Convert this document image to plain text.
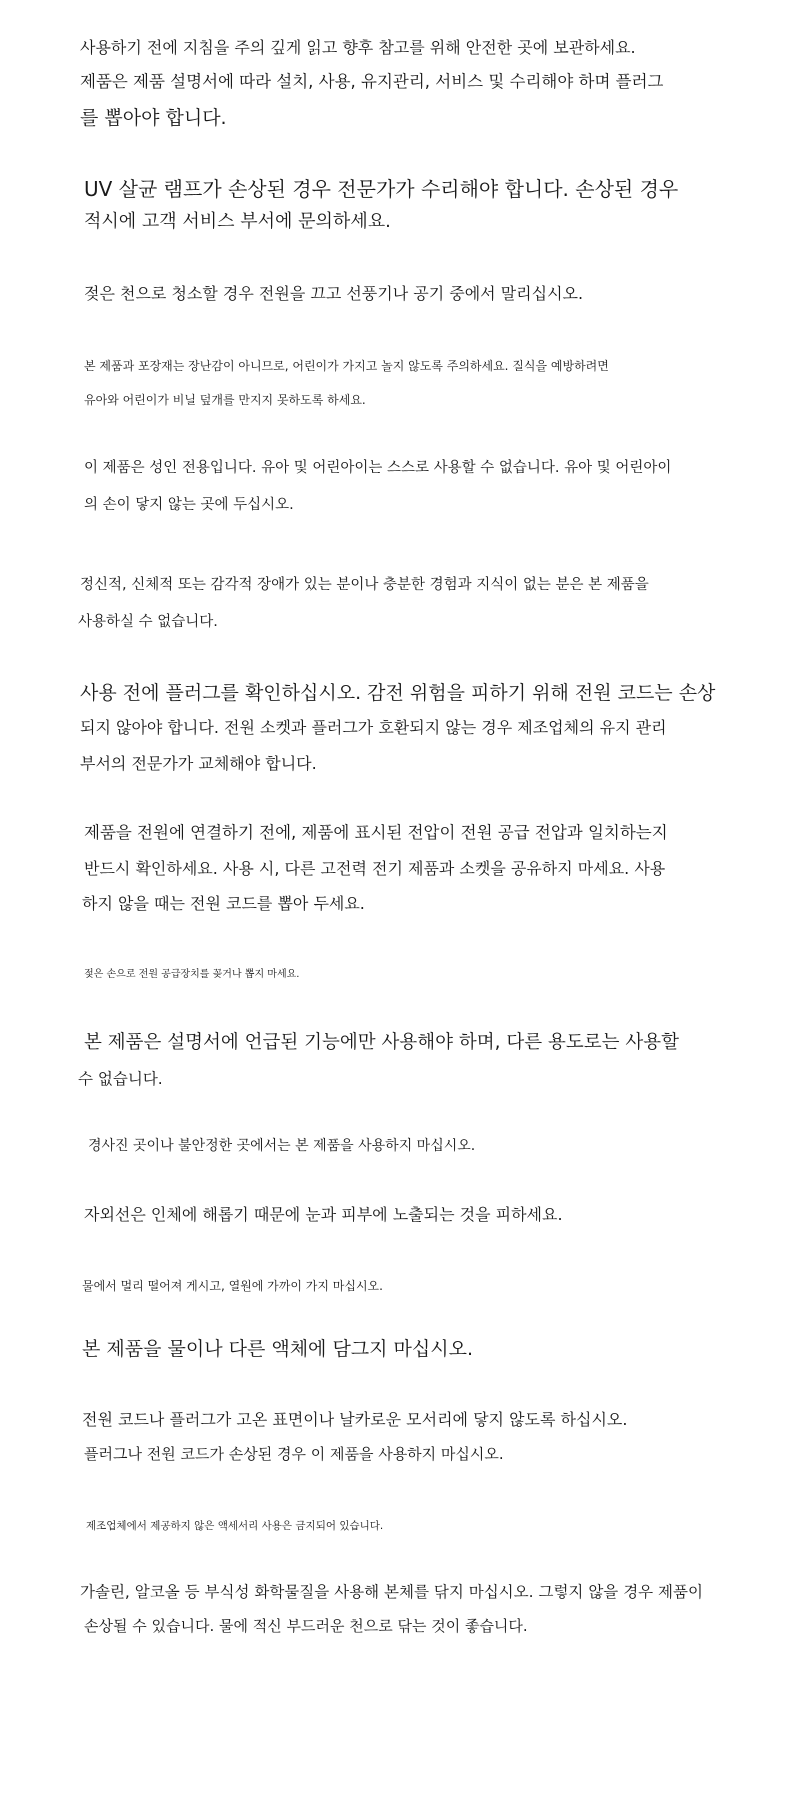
사용하기 전에 지침을 주의 깊게 읽고 향후 참고를 위해 안전한 곳에 보관하세요.
제품은 제품 설명서에 따라 설치, 사용, 유지관리, 서비스 및 수리해야 하며 플러그
를 뽑아야 합니다.
UV 살균 램프가 손상된 경우 전문가가 수리해야 합니다. 손상된 경우
적시에 고객 서비스 부서에 문의하세요.
젖은 천으로 청소할 경우 전원을 끄고 선풍기나 공기 중에서 말리십시오.
본 제품과 포장재는 장난감이 아니므로, 어린이가 가지고 놀지 않도록 주의하세요. 질식을 예방하려면
유아와 어린이가 비닐 덮개를 만지지 못하도록 하세요.
이 제품은 성인 전용입니다. 유아 및 어린아이는 스스로 사용할 수 없습니다. 유아 및 어린아이
의 손이 닿지 않는 곳에 두십시오.
정신적, 신체적 또는 감각적 장애가 있는 분이나 충분한 경험과 지식이 없는 분은 본 제품을
사용하실 수 없습니다.
사용 전에 플러그를 확인하십시오. 감전 위험을 피하기 위해 전원 코드는 손상
되지 않아야 합니다. 전원 소켓과 플러그가 호환되지 않는 경우 제조업체의 유지 관리
부서의 전문가가 교체해야 합니다.
제품을 전원에 연결하기 전에, 제품에 표시된 전압이 전원 공급 전압과 일치하는지
반드시 확인하세요. 사용 시, 다른 고전력 전기 제품과 소켓을 공유하지 마세요. 사용
하지 않을 때는 전원 코드를 뽑아 두세요.
젖은 손으로 전원 공급장치를 꽂거나 뽑지 마세요.
본 제품은 설명서에 언급된 기능에만 사용해야 하며, 다른 용도로는 사용할
수 없습니다.
경사진 곳이나 불안정한 곳에서는 본 제품을 사용하지 마십시오.
자외선은 인체에 해롭기 때문에 눈과 피부에 노출되는 것을 피하세요.
물에서 멀리 떨어져 게시고, 열원에 가까이 가지 마십시오.
본 제품을 물이나 다른 액체에 담그지 마십시오.
전원 코드나 플러그가 고온 표면이나 날카로운 모서리에 닿지 않도록 하십시오.
플러그나 전원 코드가 손상된 경우 이 제품을 사용하지 마십시오.
제조업체에서 제공하지 않은 액세서리 사용은 금지되어 있습니다.
가솔린, 알코올 등 부식성 화학물질을 사용해 본체를 닦지 마십시오. 그렇지 않을 경우 제품이
손상될 수 있습니다. 물에 적신 부드러운 천으로 닦는 것이 좋습니다.
